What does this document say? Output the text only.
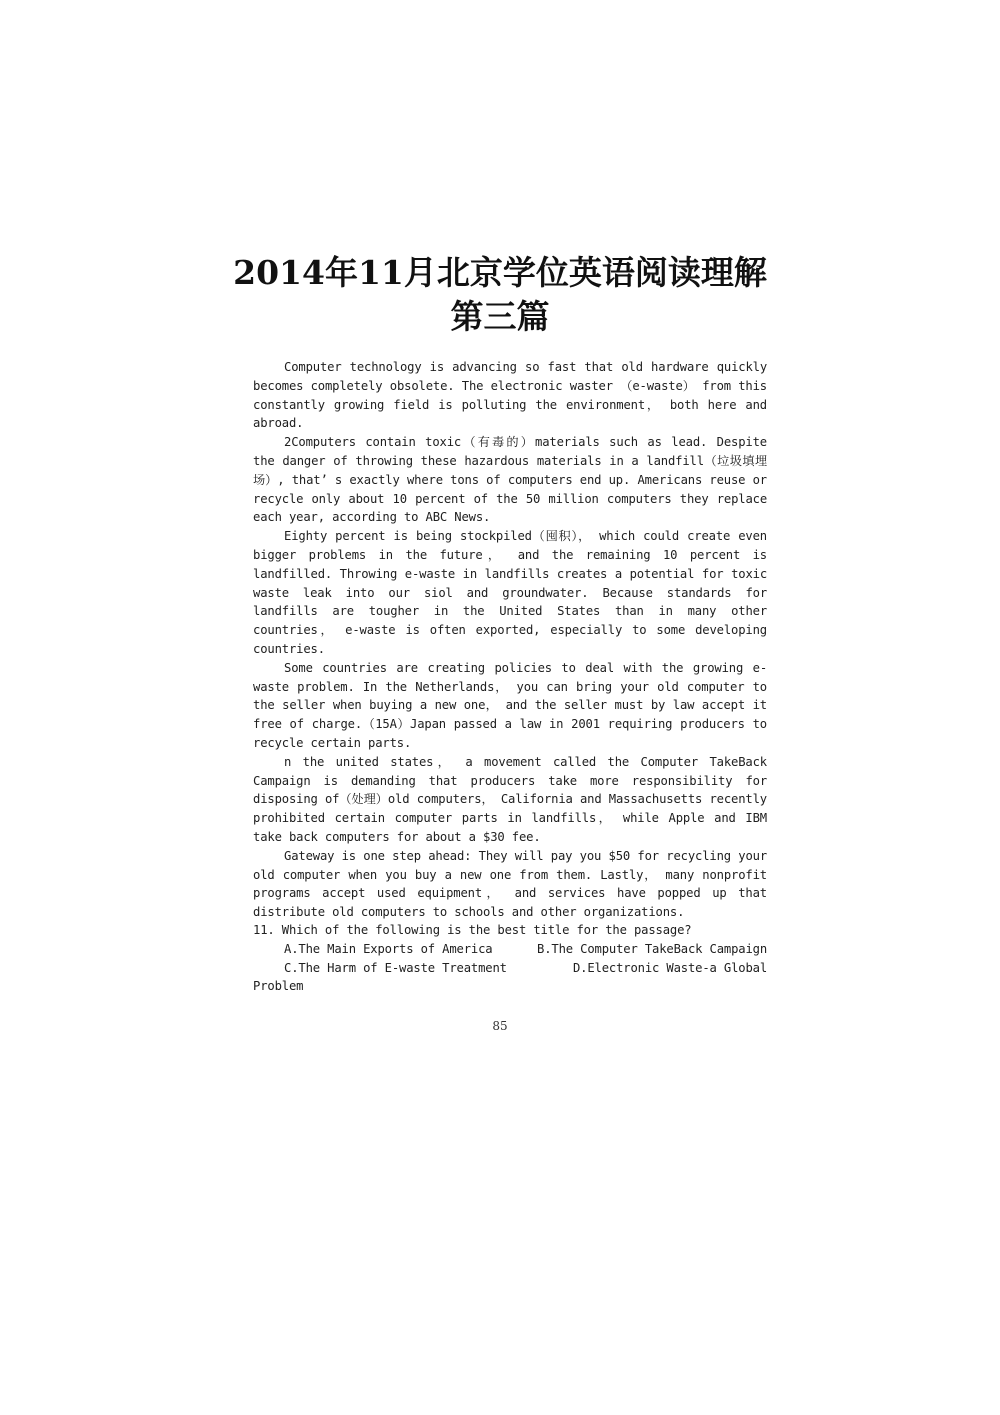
2014年11月北京学位英语阅读理解
第三篇

Computer technology is advancing so fast that old hardware quickly becomes completely obsolete. The electronic waster （e-waste） from this constantly growing field is polluting the environment， both here and abroad.

2Computers contain toxic（有毒的）materials such as lead. Despite the danger of throwing these hazardous materials in a landfill（垃圾填埋场）, that’ s exactly where tons of computers end up. Americans reuse or recycle only about 10 percent of the 50 million computers they replace each year, according to ABC News.

Eighty percent is being stockpiled（囤积）， which could create even bigger problems in the future， and the remaining 10 percent is landfilled. Throwing e-waste in landfills creates a potential for toxic waste leak into our siol and groundwater. Because standards for landfills are tougher in the United States than in many other countries， e-waste is often exported, especially to some developing countries.

Some countries are creating policies to deal with the growing e-waste problem. In the Netherlands， you can bring your old computer to the seller when buying a new one， and the seller must by law accept it free of charge.（15A）Japan passed a law in 2001 requiring producers to recycle certain parts.

n the united states， a movement called the Computer TakeBack Campaign is demanding that producers take more responsibility for disposing of（处理）old computers， California and Massachusetts recently prohibited certain computer parts in landfills， while Apple and IBM take back computers for about a $30 fee.

Gateway is one step ahead: They will pay you $50 for recycling your old computer when you buy a new one from them. Lastly， many nonprofit programs accept used equipment， and services have popped up that distribute old computers to schools and other organizations.

11. Which of the following is the best title for the passage?

A.The Main Exports of America	B.The Computer TakeBack Campaign
C.The Harm of E-waste Treatment	D.Electronic Waste-a Global

Problem

85
